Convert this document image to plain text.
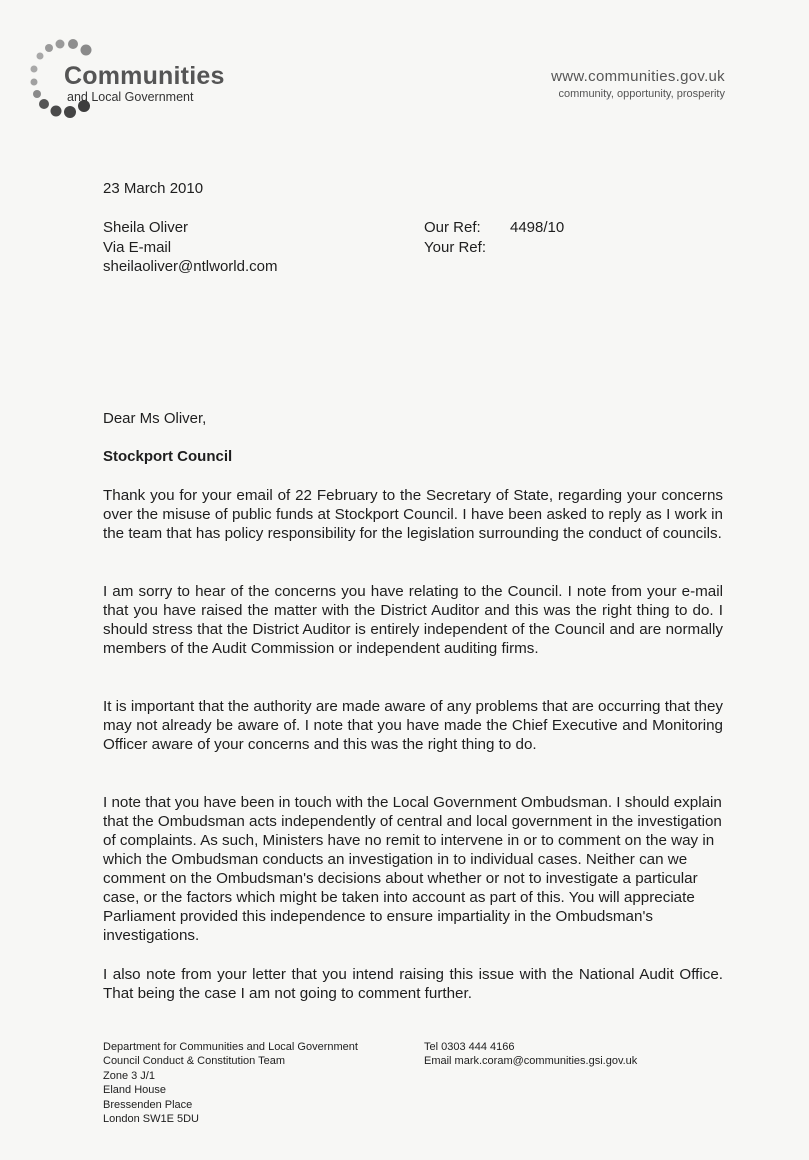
Communities
and Local Government
www.communities.gov.uk
community, opportunity, prosperity
23 March 2010
Sheila Oliver
Via E-mail
sheilaoliver@ntlworld.com
Our Ref: 4498/10
Your Ref:
Dear Ms Oliver,
Stockport Council

Thank you for your email of 22 February to the Secretary of State, regarding your concerns over the misuse of public funds at Stockport Council. I have been asked to reply as I work in the team that has policy responsibility for the legislation surrounding the conduct of councils.

I am sorry to hear of the concerns you have relating to the Council. I note from your e-mail that you have raised the matter with the District Auditor and this was the right thing to do. I should stress that the District Auditor is entirely independent of the Council and are normally members of the Audit Commission or independent auditing firms.

It is important that the authority are made aware of any problems that are occurring that they may not already be aware of. I note that you have made the Chief Executive and Monitoring Officer aware of your concerns and this was the right thing to do.

I note that you have been in touch with the Local Government Ombudsman. I should explain that the Ombudsman acts independently of central and local government in the investigation of complaints. As such, Ministers have no remit to intervene in or to comment on the way in which the Ombudsman conducts an investigation in to individual cases. Neither can we comment on the Ombudsman's decisions about whether or not to investigate a particular case, or the factors which might be taken into account as part of this. You will appreciate Parliament provided this independence to ensure impartiality in the Ombudsman's investigations.

I also note from your letter that you intend raising this issue with the National Audit Office. That being the case I am not going to comment further.

Department for Communities and Local Government
Council Conduct & Constitution Team
Zone 3 J/1
Eland House
Bressenden Place
London SW1E 5DU
Tel 0303 444 4166
Email mark.coram@communities.gsi.gov.uk
